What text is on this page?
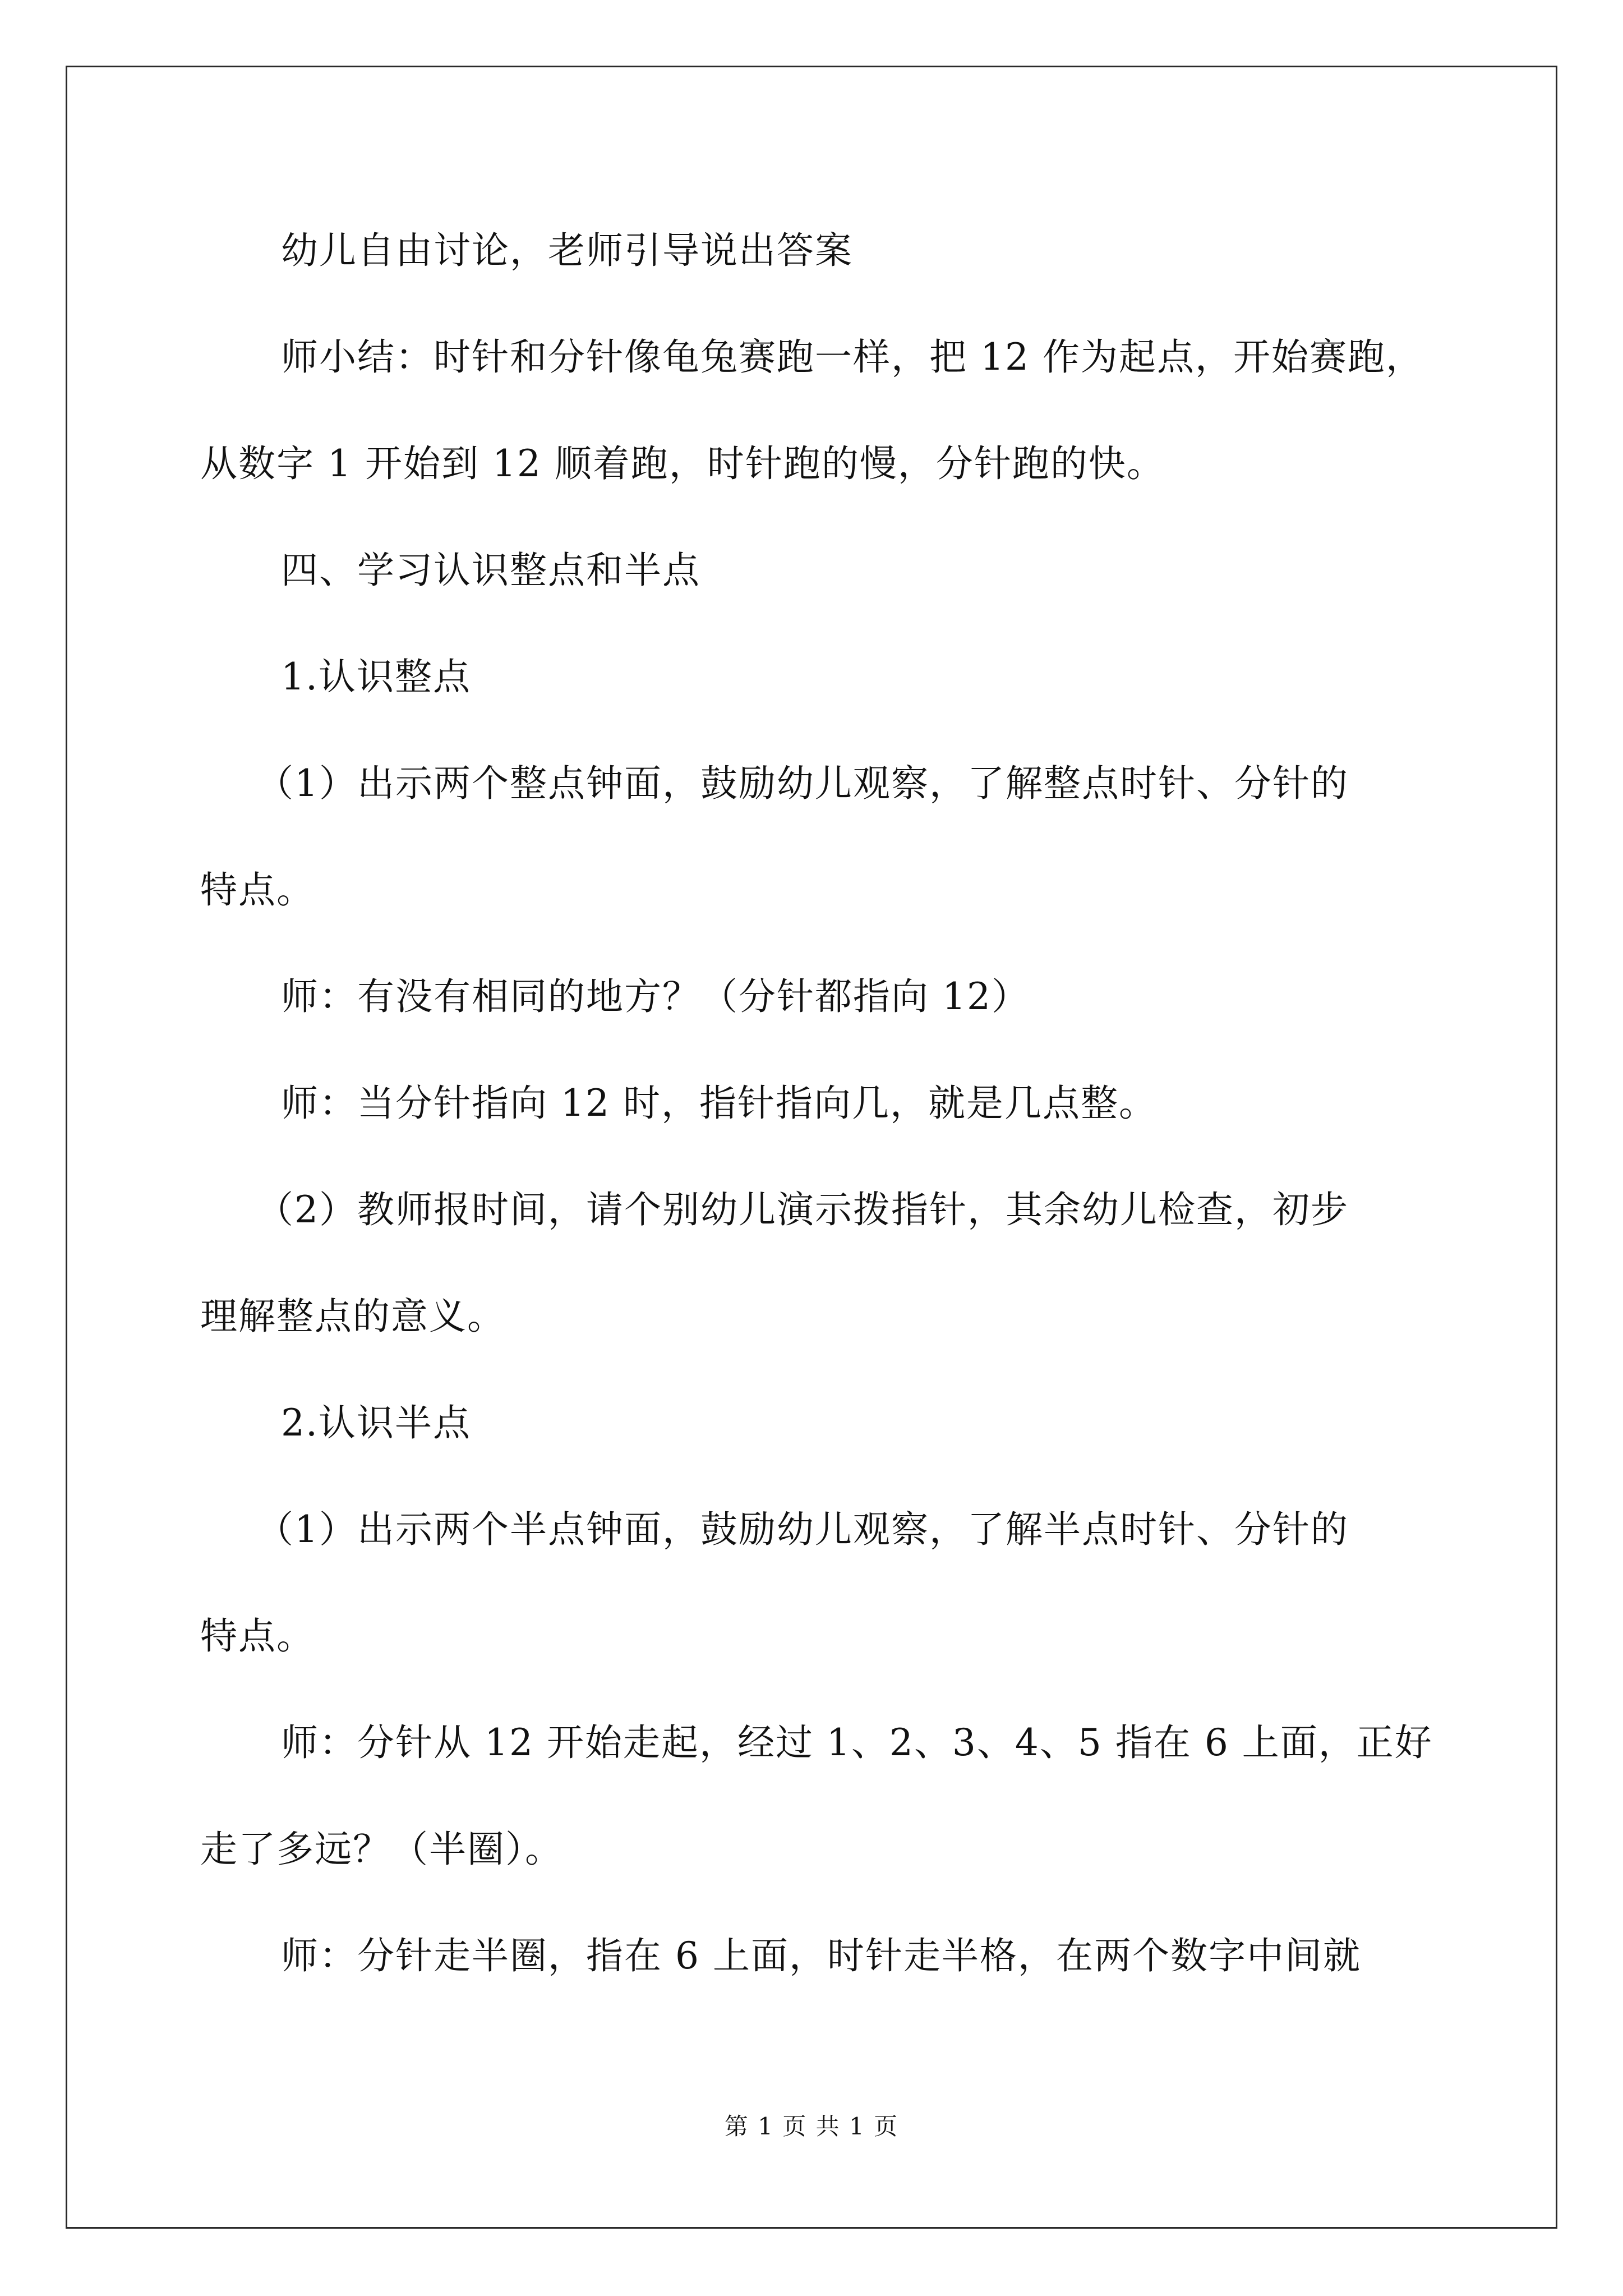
幼儿自由讨论，老师引导说出答案

师小结：时针和分针像龟兔赛跑一样，把 12 作为起点，开始赛跑，

从数字 1 开始到 12 顺着跑，时针跑的慢，分针跑的快。

四、学习认识整点和半点

1.认识整点

（1）出示两个整点钟面，鼓励幼儿观察，了解整点时针、分针的

特点。

师：有没有相同的地方？（分针都指向 12）

师：当分针指向 12 时，指针指向几，就是几点整。

（2）教师报时间，请个别幼儿演示拨指针，其余幼儿检查，初步

理解整点的意义。

2.认识半点

（1）出示两个半点钟面，鼓励幼儿观察，了解半点时针、分针的

特点。

师：分针从 12 开始走起，经过 1、2、3、4、5 指在 6 上面，正好

走了多远？（半圈）。

师：分针走半圈，指在 6 上面，时针走半格，在两个数字中间就

第 1 页 共 1 页
